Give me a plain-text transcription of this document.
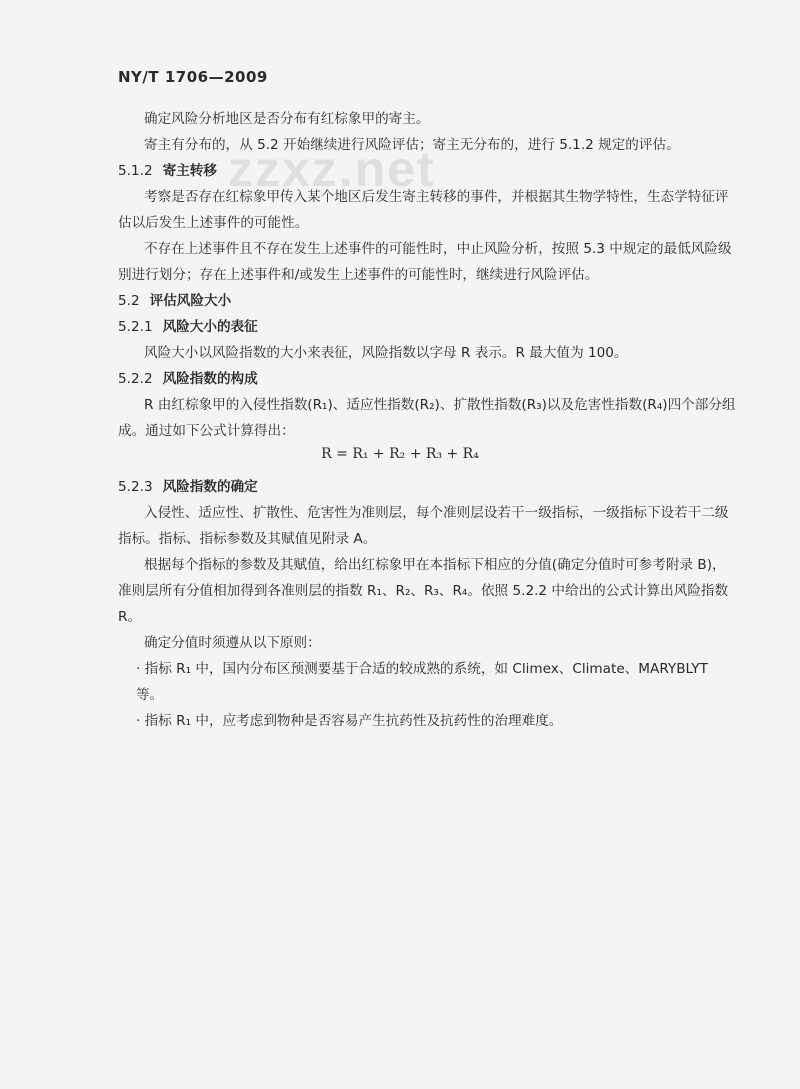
zzxz.net
NY/T 1706—2009
确定风险分析地区是否分布有红棕象甲的寄主。
寄主有分布的，从 5.2 开始继续进行风险评估；寄主无分布的，进行 5.1.2 规定的评估。
5.1.2 寄主转移
考察是否存在红棕象甲传入某个地区后发生寄主转移的事件，并根据其生物学特性，生态学特征评估以后发生上述事件的可能性。
不存在上述事件且不存在发生上述事件的可能性时，中止风险分析，按照 5.3 中规定的最低风险级别进行划分；存在上述事件和/或发生上述事件的可能性时，继续进行风险评估。
5.2 评估风险大小
5.2.1 风险大小的表征
风险大小以风险指数的大小来表征，风险指数以字母 R 表示。R 最大值为 100。
5.2.2 风险指数的构成
R 由红棕象甲的入侵性指数(R₁)、适应性指数(R₂)、扩散性指数(R₃)以及危害性指数(R₄)四个部分组成。通过如下公式计算得出：
R = R₁ + R₂ + R₃ + R₄
5.2.3 风险指数的确定
入侵性、适应性、扩散性、危害性为准则层，每个准则层设若干一级指标，一级指标下设若干二级指标。指标、指标参数及其赋值见附录 A。
根据每个指标的参数及其赋值，给出红棕象甲在本指标下相应的分值(确定分值时可参考附录 B)，准则层所有分值相加得到各准则层的指数 R₁、R₂、R₃、R₄。依照 5.2.2 中给出的公式计算出风险指数 R。
确定分值时须遵从以下原则：
· 指标 R₁ 中，国内分布区预测要基于合适的较成熟的系统，如 Climex、Climate、MARYBLYT 等。
· 指标 R₁ 中，应考虑到物种是否容易产生抗药性及抗药性的治理难度。
